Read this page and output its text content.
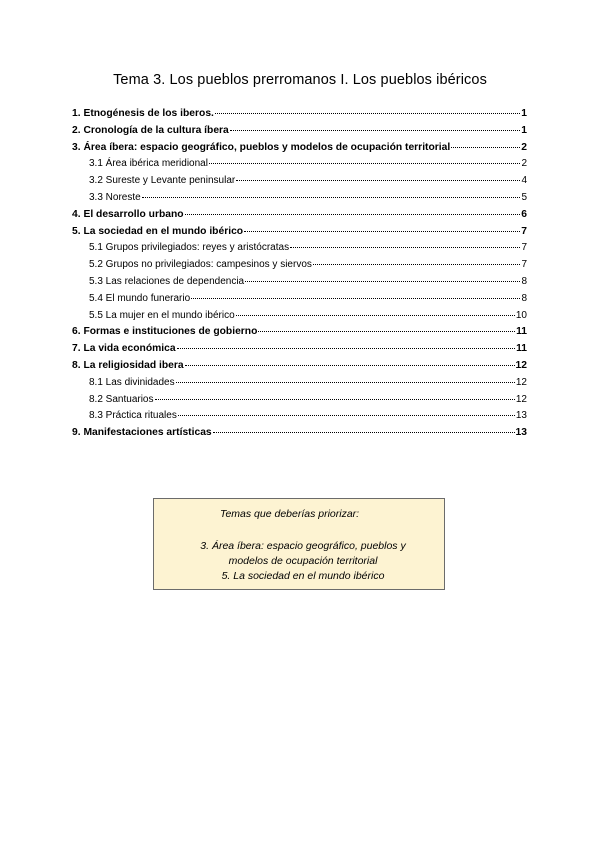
Tema 3. Los pueblos prerromanos I. Los pueblos ibéricos
1. Etnogénesis de los iberos.	1
2. Cronología de la cultura íbera	1
3. Área íbera: espacio geográfico, pueblos y modelos de ocupación territorial	2
3.1 Área ibérica meridional	2
3.2 Sureste y Levante peninsular	4
3.3 Noreste	5
4. El desarrollo urbano	6
5. La sociedad en el mundo ibérico	7
5.1 Grupos privilegiados: reyes y aristócratas	7
5.2 Grupos no privilegiados: campesinos y siervos	7
5.3 Las relaciones de dependencia	8
5.4 El mundo funerario	8
5.5 La mujer en el mundo ibérico	10
6. Formas e instituciones de gobierno	11
7. La vida económica	11
8. La religiosidad ibera	12
8.1 Las divinidades	12
8.2 Santuarios	12
8.3 Práctica rituales	13
9. Manifestaciones artísticas	13
Temas que deberías priorizar:
3. Área íbera: espacio geográfico, pueblos y
modelos de ocupación territorial
5. La sociedad en el mundo ibérico
